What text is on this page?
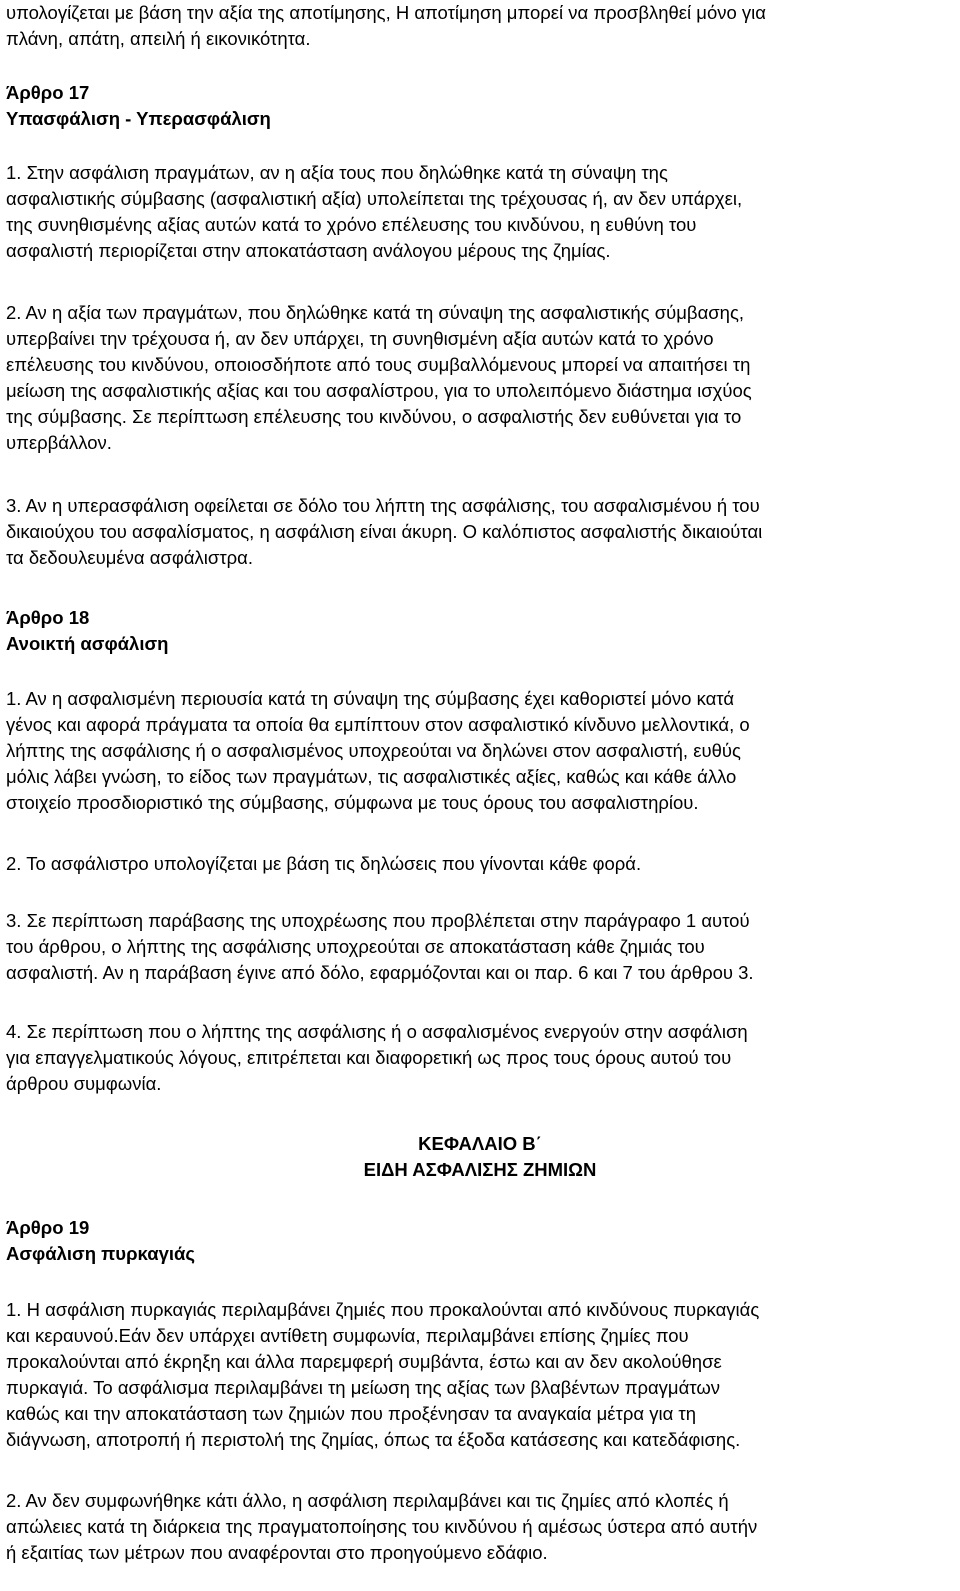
υπολογίζεται με βάση την αξία της αποτίμησης, Η αποτίμηση μπορεί να προσβληθεί μόνο για
πλάνη, απάτη, απειλή ή εικονικότητα.
Άρθρο 17
Υπασφάλιση - Υπερασφάλιση
1. Στην ασφάλιση πραγμάτων, αν η αξία τους που δηλώθηκε κατά τη σύναψη της
ασφαλιστικής σύμβασης (ασφαλιστική αξία) υπολείπεται της τρέχουσας ή, αν δεν υπάρχει,
της συνηθισμένης αξίας αυτών κατά το χρόνο επέλευσης του κινδύνου, η ευθύνη του
ασφαλιστή περιορίζεται στην αποκατάσταση ανάλογου μέρους της ζημίας.
2. Αν η αξία των πραγμάτων, που δηλώθηκε κατά τη σύναψη της ασφαλιστικής σύμβασης,
υπερβαίνει την τρέχουσα ή, αν δεν υπάρχει, τη συνηθισμένη αξία αυτών κατά το χρόνο
επέλευσης του κινδύνου, οποιοσδήποτε από τους συμβαλλόμενους μπορεί να απαιτήσει τη
μείωση της ασφαλιστικής αξίας και του ασφαλίστρου, για το υπολειπόμενο διάστημα ισχύος
της σύμβασης. Σε περίπτωση επέλευσης του κινδύνου, ο ασφαλιστής δεν ευθύνεται για το
υπερβάλλον.
3. Αν η υπερασφάλιση οφείλεται σε δόλο του λήπτη της ασφάλισης, του ασφαλισμένου ή του
δικαιούχου του ασφαλίσματος, η ασφάλιση είναι άκυρη. Ο καλόπιστος ασφαλιστής δικαιούται
τα δεδουλευμένα ασφάλιστρα.
Άρθρο 18
Ανοικτή ασφάλιση
1. Αν η ασφαλισμένη περιουσία κατά τη σύναψη της σύμβασης έχει καθοριστεί μόνο κατά
γένος και αφορά πράγματα τα οποία θα εμπίπτουν στον ασφαλιστικό κίνδυνο μελλοντικά, ο
λήπτης της ασφάλισης ή ο ασφαλισμένος υποχρεούται να δηλώνει στον ασφαλιστή, ευθύς
μόλις λάβει γνώση, το είδος των πραγμάτων, τις ασφαλιστικές αξίες, καθώς και κάθε άλλο
στοιχείο προσδιοριστικό της σύμβασης, σύμφωνα με τους όρους του ασφαλιστηρίου.
2. Το ασφάλιστρο υπολογίζεται με βάση τις δηλώσεις που γίνονται κάθε φορά.
3. Σε περίπτωση παράβασης της υποχρέωσης που προβλέπεται στην παράγραφο 1 αυτού
του άρθρου, ο λήπτης της ασφάλισης υποχρεούται σε αποκατάσταση κάθε ζημιάς του
ασφαλιστή. Αν η παράβαση έγινε από δόλο, εφαρμόζονται και οι παρ. 6 και 7 του άρθρου 3.
4. Σε περίπτωση που ο λήπτης της ασφάλισης ή ο ασφαλισμένος ενεργούν στην ασφάλιση
για επαγγελματικούς λόγους, επιτρέπεται και διαφορετική ως προς τους όρους αυτού του
άρθρου συμφωνία.
ΚΕΦΑΛΑΙΟ Β΄
ΕΙΔΗ ΑΣΦΑΛΙΣΗΣ ΖΗΜΙΩΝ
Άρθρο 19
Ασφάλιση πυρκαγιάς
1. Η ασφάλιση πυρκαγιάς περιλαμβάνει ζημιές που προκαλούνται από κινδύνους πυρκαγιάς
και κεραυνού.Εάν δεν υπάρχει αντίθετη συμφωνία, περιλαμβάνει επίσης ζημίες που
προκαλούνται από έκρηξη και άλλα παρεμφερή συμβάντα, έστω και αν δεν ακολούθησε
πυρκαγιά. Το ασφάλισμα περιλαμβάνει τη μείωση της αξίας των βλαβέντων πραγμάτων
καθώς και την αποκατάσταση των ζημιών που προξένησαν τα αναγκαία μέτρα για τη
διάγνωση, αποτροπή ή περιστολή της ζημίας, όπως τα έξοδα κατάσεσης και κατεδάφισης.
2. Αν δεν συμφωνήθηκε κάτι άλλο, η ασφάλιση περιλαμβάνει και τις ζημίες από κλοπές ή
απώλειες κατά τη διάρκεια της πραγματοποίησης του κινδύνου ή αμέσως ύστερα από αυτήν
ή εξαιτίας των μέτρων που αναφέρονται στο προηγούμενο εδάφιο.
